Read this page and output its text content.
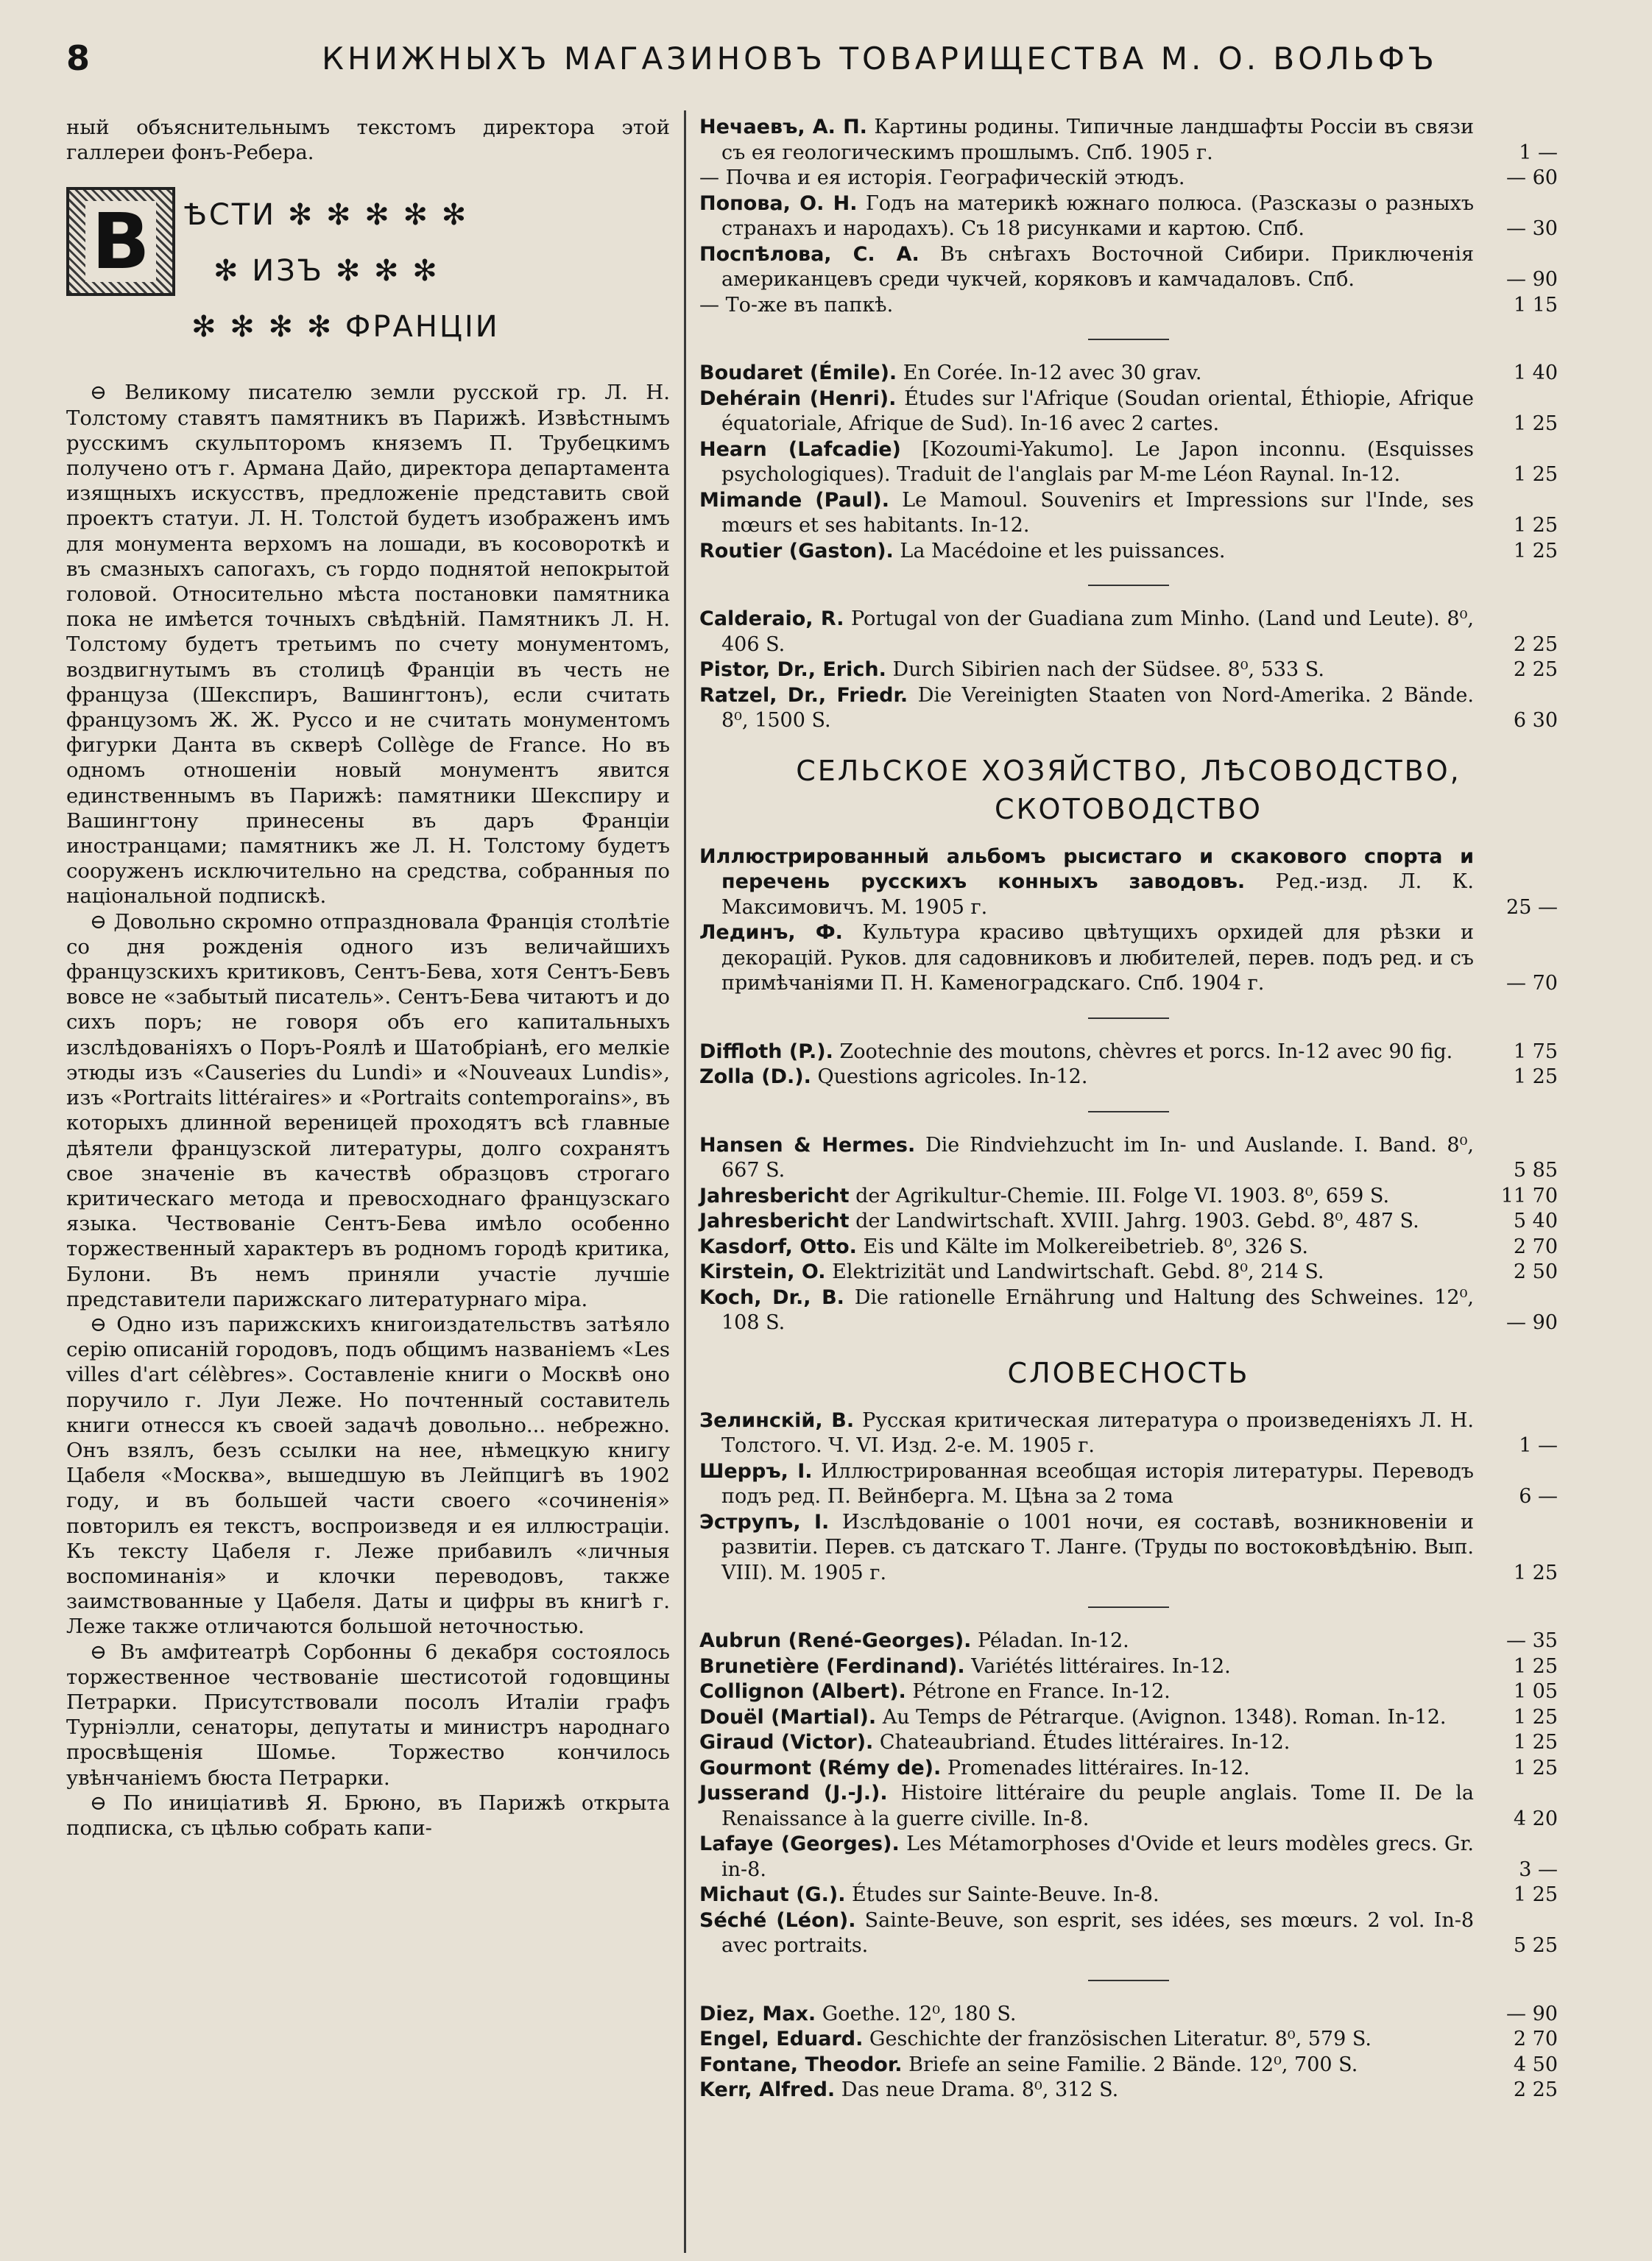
8	КНИЖНЫХЪ МАГАЗИНОВЪ ТОВАРИЩЕСТВА М. О. ВОЛЬФЪ

ный объяснительнымъ текстомъ директора этой галлереи фонъ-Ребера.

В ѢСТИ ✻ ✻ ✻ ✻ ✻
✻ ИЗЪ ✻ ✻ ✻
✻ ✻ ✻ ✻ ФРАНЦІИ

⊖ Великому писателю земли русской гр. Л. Н. Толстому ставятъ памятникъ въ Парижѣ. Извѣстнымъ русскимъ скульпторомъ княземъ П. Трубецкимъ получено отъ г. Армана Дайо, директора департамента изящныхъ искусствъ, предложеніе представить свой проектъ статуи. Л. Н. Толстой будетъ изображенъ имъ для монумента верхомъ на лошади, въ косовороткѣ и въ смазныхъ сапогахъ, съ гордо поднятой непокрытой головой. Относительно мѣста постановки памятника пока не имѣется точныхъ свѣдѣній. Памятникъ Л. Н. Толстому будетъ третьимъ по счету монументомъ, воздвигнутымъ въ столицѣ Франціи въ честь не француза (Шекспиръ, Вашингтонъ), если считать французомъ Ж. Ж. Руссо и не считать монументомъ фигурки Данта въ скверѣ Collège de France. Но въ одномъ отношеніи новый монументъ явится единственнымъ въ Парижѣ: памятники Шекспиру и Вашингтону принесены въ даръ Франціи иностранцами; памятникъ же Л. Н. Толстому будетъ сооруженъ исключительно на средства, собранныя по національной подпискѣ.

⊖ Довольно скромно отпраздновала Франція столѣтіе со дня рожденія одного изъ величайшихъ французскихъ критиковъ, Сентъ-Бева, хотя Сентъ-Бевъ вовсе не «забытый писатель». Сентъ-Бева читаютъ и до сихъ поръ; не говоря объ его капитальныхъ изслѣдованіяхъ о Поръ-Роялѣ и Шатобріанѣ, его мелкіе этюды изъ «Causeries du Lundi» и «Nouveaux Lundis», изъ «Portraits littéraires» и «Portraits contemporains», въ которыхъ длинной вереницей проходятъ всѣ главные дѣятели французской литературы, долго сохранятъ свое значеніе въ качествѣ образцовъ строгаго критическаго метода и превосходнаго французскаго языка. Чествованіе Сентъ-Бева имѣло особенно торжественный характеръ въ родномъ городѣ критика, Булони. Въ немъ приняли участіе лучшіе представители парижскаго литературнаго міра.

⊖ Одно изъ парижскихъ книгоиздательствъ затѣяло серію описаній городовъ, подъ общимъ названіемъ «Les villes d'art célèbres». Составленіе книги о Москвѣ оно поручило г. Луи Леже. Но почтенный составитель книги отнесся къ своей задачѣ довольно... небрежно. Онъ взялъ, безъ ссылки на нее, нѣмецкую книгу Цабеля «Москва», вышедшую въ Лейпцигѣ въ 1902 году, и въ большей части своего «сочиненія» повторилъ ея текстъ, воспроизведя и ея иллюстраціи. Къ тексту Цабеля г. Леже прибавилъ «личныя воспоминанія» и клочки переводовъ, также заимствованные у Цабеля. Даты и цифры въ книгѣ г. Леже также отличаются большой неточностью.

⊖ Въ амфитеатрѣ Сорбонны 6 декабря состоялось торжественное чествованіе шестисотой годовщины Петрарки. Присутствовали посолъ Италіи графъ Турніэлли, сенаторы, депутаты и министръ народнаго просвѣщенія Шомье. Торжество кончилось увѣнчаніемъ бюста Петрарки.

⊖ По иниціативѣ Я. Брюно, въ Парижѣ открыта подписка, съ цѣлью собрать капи-

Нечаевъ, А. П. Картины родины. Типичные ландшафты Россіи въ связи съ ея геологическимъ прошлымъ. Спб. 1905 г.	1 —
— Почва и ея исторія. Географическій этюдъ.	— 60
Попова, О. Н. Годъ на материкѣ южнаго полюса. (Разсказы о разныхъ странахъ и народахъ). Съ 18 рисунками и картою. Спб.	— 30
Поспѣлова, С. А. Въ снѣгахъ Восточной Сибири. Приключенія американцевъ среди чукчей, коряковъ и камчадаловъ. Спб.	— 90
— То-же въ папкѣ.	1 15
Boudaret (Émile). En Corée. In-12 avec 30 grav.	1 40
Dehérain (Henri). Études sur l'Afrique (Soudan oriental, Éthiopie, Afrique équatoriale, Afrique de Sud). In-16 avec 2 cartes.	1 25
Hearn (Lafcadie) [Kozoumi-Yakumo]. Le Japon inconnu. (Esquisses psychologiques). Traduit de l'anglais par M-me Léon Raynal. In-12.	1 25
Mimande (Paul). Le Mamoul. Souvenirs et Impressions sur l'Inde, ses mœurs et ses habitants. In-12.	1 25
Routier (Gaston). La Macédoine et les puissances.	1 25
Calderaio, R. Portugal von der Guadiana zum Minho. (Land und Leute). 8⁰, 406 S.	2 25
Pistor, Dr., Erich. Durch Sibirien nach der Südsee. 8⁰, 533 S.	2 25
Ratzel, Dr., Friedr. Die Vereinigten Staaten von Nord-Amerika. 2 Bände. 8⁰, 1500 S.	6 30
СЕЛЬСКОЕ ХОЗЯЙСТВО, ЛѢСОВОДСТВО, СКОТОВОДСТВО
Иллюстрированный альбомъ рысистаго и скакового спорта и перечень русскихъ конныхъ заводовъ. Ред.-изд. Л. К. Максимовичъ. М. 1905 г.	25 —
Лединъ, Ф. Культура красиво цвѣтущихъ орхидей для рѣзки и декорацій. Руков. для садовниковъ и любителей, перев. подъ ред. и съ примѣчаніями П. Н. Каменоградскаго. Спб. 1904 г.	— 70
Diffloth (P.). Zootechnie des moutons, chèvres et porcs. In-12 avec 90 fig.	1 75
Zolla (D.). Questions agricoles. In-12.	1 25
Hansen & Hermes. Die Rindviehzucht im In- und Auslande. I. Band. 8⁰, 667 S.	5 85
Jahresbericht der Agrikultur-Chemie. III. Folge VI. 1903. 8⁰, 659 S.	11 70
Jahresbericht der Landwirtschaft. XVIII. Jahrg. 1903. Gebd. 8⁰, 487 S.	5 40
Kasdorf, Otto. Eis und Kälte im Molkereibetrieb. 8⁰, 326 S.	2 70
Kirstein, O. Elektrizität und Landwirtschaft. Gebd. 8⁰, 214 S.	2 50
Koch, Dr., B. Die rationelle Ernährung und Haltung des Schweines. 12⁰, 108 S.	— 90
СЛОВЕСНОСТЬ
Зелинскій, В. Русская критическая литература о произведеніяхъ Л. Н. Толстого. Ч. VI. Изд. 2-е. М. 1905 г.	1 —
Шерръ, І. Иллюстрированная всеобщая исторія литературы. Переводъ подъ ред. П. Вейнберга. М. Цѣна за 2 тома	6 —
Эструпъ, І. Изслѣдованіе о 1001 ночи, ея составѣ, возникновеніи и развитіи. Перев. съ датскаго Т. Ланге. (Труды по востоковѣдѣнію. Вып. VIII). М. 1905 г.	1 25
Aubrun (René-Georges). Péladan. In-12.	— 35
Brunetière (Ferdinand). Variétés littéraires. In-12.	1 25
Collignon (Albert). Pétrone en France. In-12.	1 05
Douël (Martial). Au Temps de Pétrarque. (Avignon. 1348). Roman. In-12.	1 25
Giraud (Victor). Chateaubriand. Études littéraires. In-12.	1 25
Gourmont (Rémy de). Promenades littéraires. In-12.	1 25
Jusserand (J.-J.). Histoire littéraire du peuple anglais. Tome II. De la Renaissance à la guerre civille. In-8.	4 20
Lafaye (Georges). Les Métamorphoses d'Ovide et leurs modèles grecs. Gr. in-8.	3 —
Michaut (G.). Études sur Sainte-Beuve. In-8.	1 25
Séché (Léon). Sainte-Beuve, son esprit, ses idées, ses mœurs. 2 vol. In-8 avec portraits.	5 25
Diez, Max. Goethe. 12⁰, 180 S.	— 90
Engel, Eduard. Geschichte der französischen Literatur. 8⁰, 579 S.	2 70
Fontane, Theodor. Briefe an seine Familie. 2 Bände. 12⁰, 700 S.	4 50
Kerr, Alfred. Das neue Drama. 8⁰, 312 S.	2 25
